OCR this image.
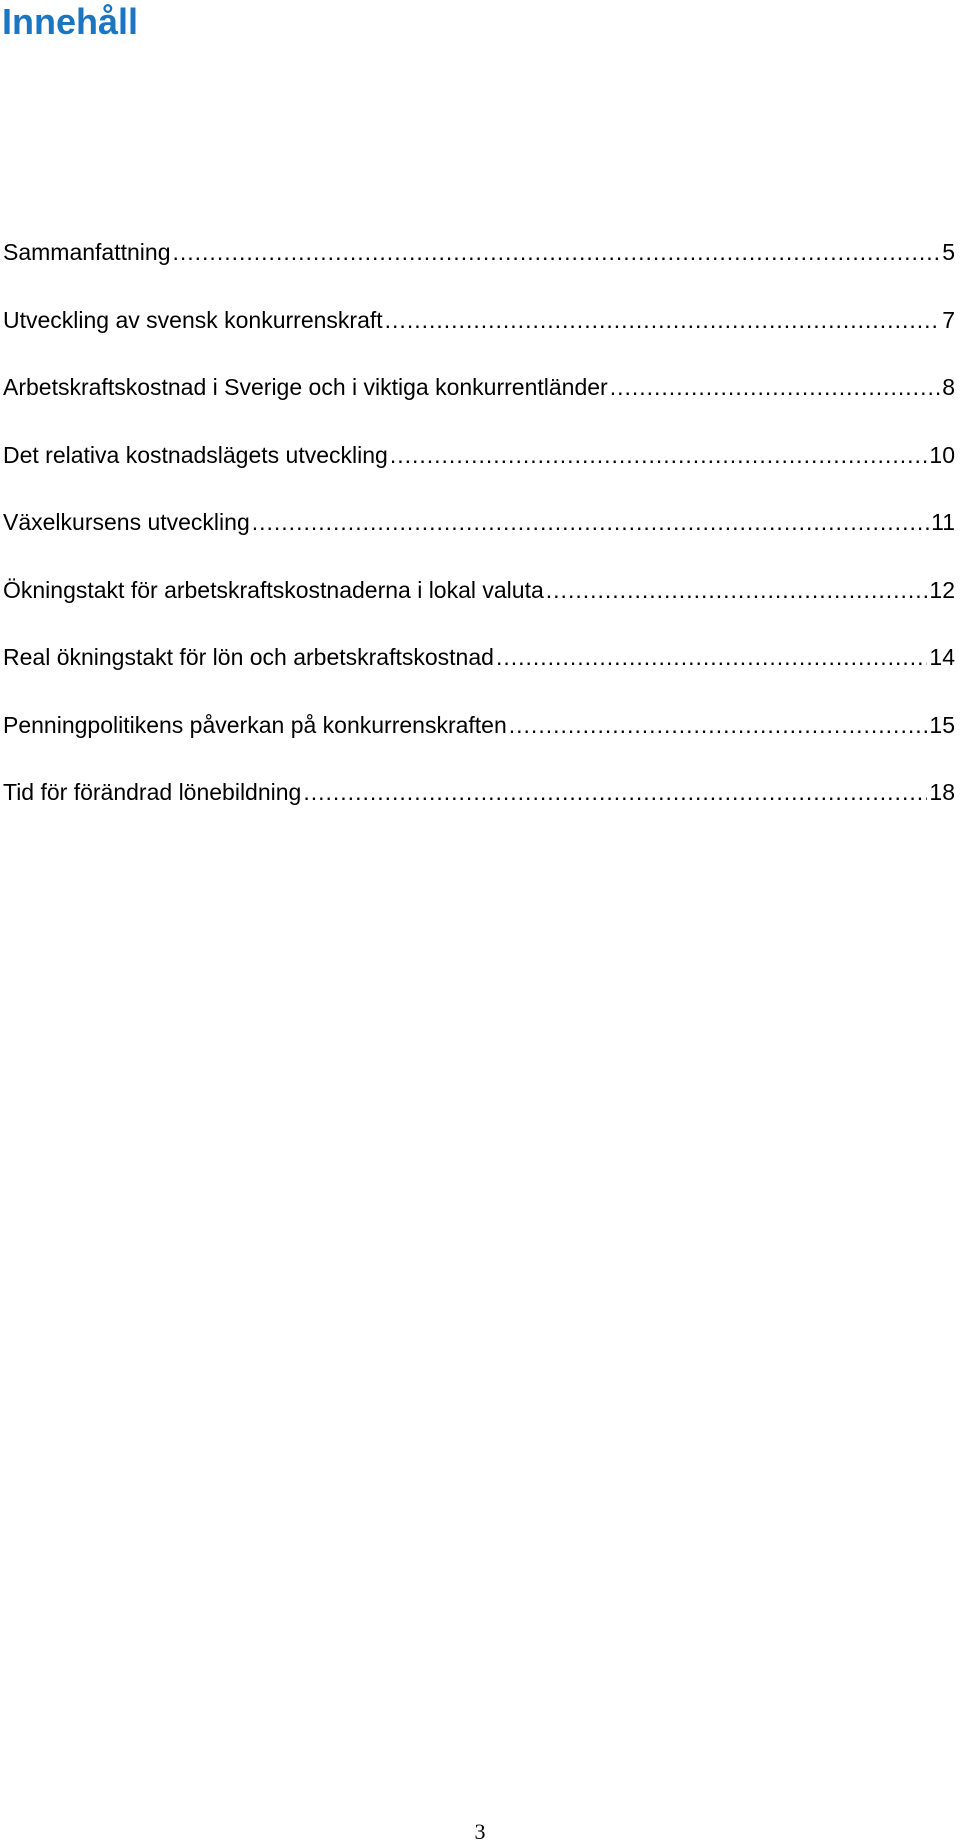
Innehåll
Sammanfattning .....	5
Utveckling av svensk konkurrenskraft .....	7
Arbetskraftskostnad i Sverige och i viktiga konkurrentländer .....	8
Det relativa kostnadslägets utveckling .....	10
Växelkursens utveckling .....	11
Ökningstakt för arbetskraftskostnaderna i lokal valuta .....	12
Real ökningstakt för lön och arbetskraftskostnad .....	14
Penningpolitikens påverkan på konkurrenskraften .....	15
Tid för förändrad lönebildning .....	18
3
